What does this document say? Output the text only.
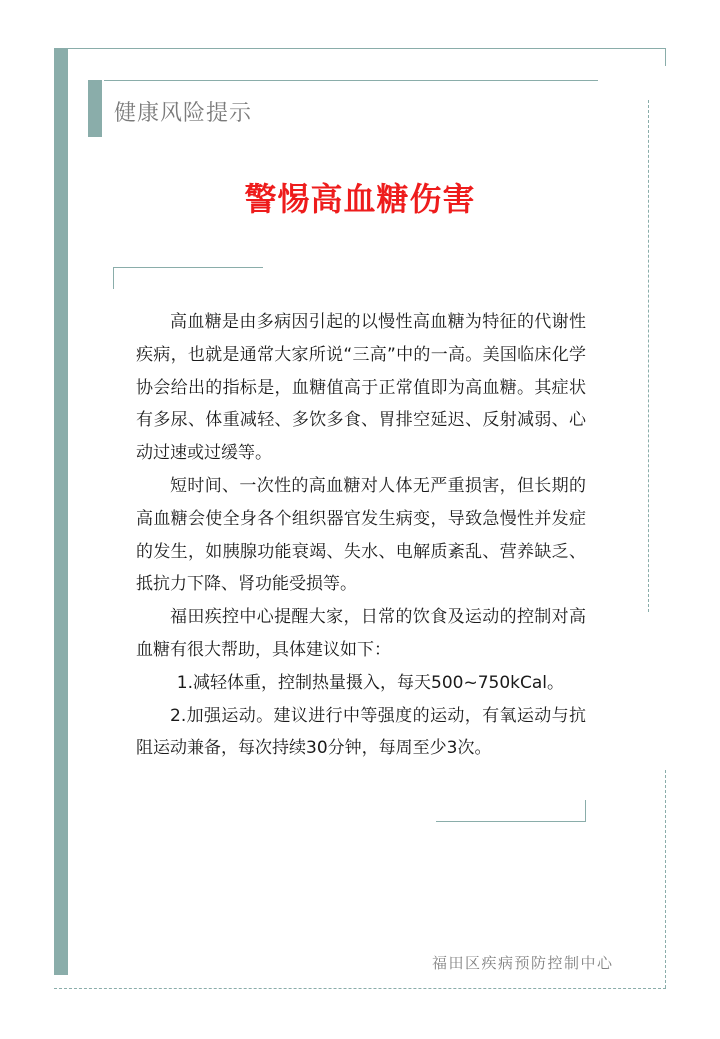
健康风险提示
警惕高血糖伤害

高血糖是由多病因引起的以慢性高血糖为特征的代谢性疾病，也就是通常大家所说“三高”中的一高。美国临床化学协会给出的指标是，血糖值高于正常值即为高血糖。其症状有多尿、体重减轻、多饮多食、胃排空延迟、反射减弱、心动过速或过缓等。

短时间、一次性的高血糖对人体无严重损害，但长期的高血糖会使全身各个组织器官发生病变，导致急慢性并发症的发生，如胰腺功能衰竭、失水、电解质紊乱、营养缺乏、抵抗力下降、肾功能受损等。

福田疾控中心提醒大家，日常的饮食及运动的控制对高血糖有很大帮助，具体建议如下：

1.减轻体重，控制热量摄入，每天500~750kCal。

2.加强运动。建议进行中等强度的运动，有氧运动与抗阻运动兼备，每次持续30分钟，每周至少3次。

福田区疾病预防控制中心
